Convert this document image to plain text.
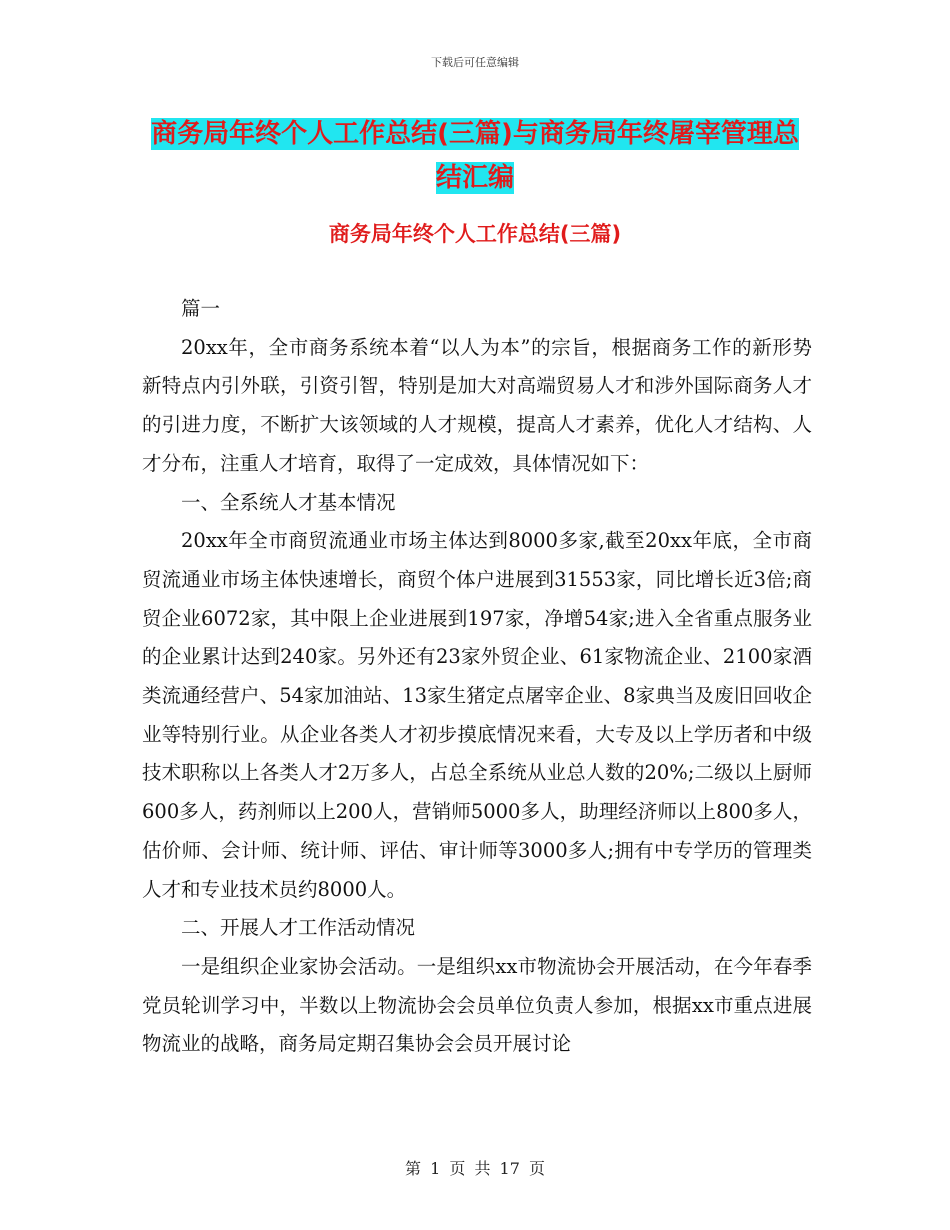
下载后可任意编辑
商务局年终个人工作总结(三篇)与商务局年终屠宰管理总结汇编
商务局年终个人工作总结(三篇)

篇一

20xx年，全市商务系统本着“以人为本”的宗旨，根据商务工作的新形势新特点内引外联，引资引智，特别是加大对高端贸易人才和涉外国际商务人才的引进力度，不断扩大该领域的人才规模，提高人才素养，优化人才结构、人才分布，注重人才培育，取得了一定成效，具体情况如下：

一、全系统人才基本情况

20xx年全市商贸流通业市场主体达到8000多家,截至20xx年底，全市商贸流通业市场主体快速增长，商贸个体户进展到31553家，同比增长近3倍;商贸企业6072家，其中限上企业进展到197家，净增54家;进入全省重点服务业的企业累计达到240家。另外还有23家外贸企业、61家物流企业、2100家酒类流通经营户、54家加油站、13家生猪定点屠宰企业、8家典当及废旧回收企业等特别行业。从企业各类人才初步摸底情况来看，大专及以上学历者和中级技术职称以上各类人才2万多人，占总全系统从业总人数的20%;二级以上厨师600多人，药剂师以上200人，营销师5000多人，助理经济师以上800多人，估价师、会计师、统计师、评估、审计师等3000多人;拥有中专学历的管理类人才和专业技术员约8000人。

二、开展人才工作活动情况

一是组织企业家协会活动。一是组织xx市物流协会开展活动，在今年春季党员轮训学习中，半数以上物流协会会员单位负责人参加，根据xx市重点进展物流业的战略，商务局定期召集协会会员开展讨论

第 1 页 共 17 页
